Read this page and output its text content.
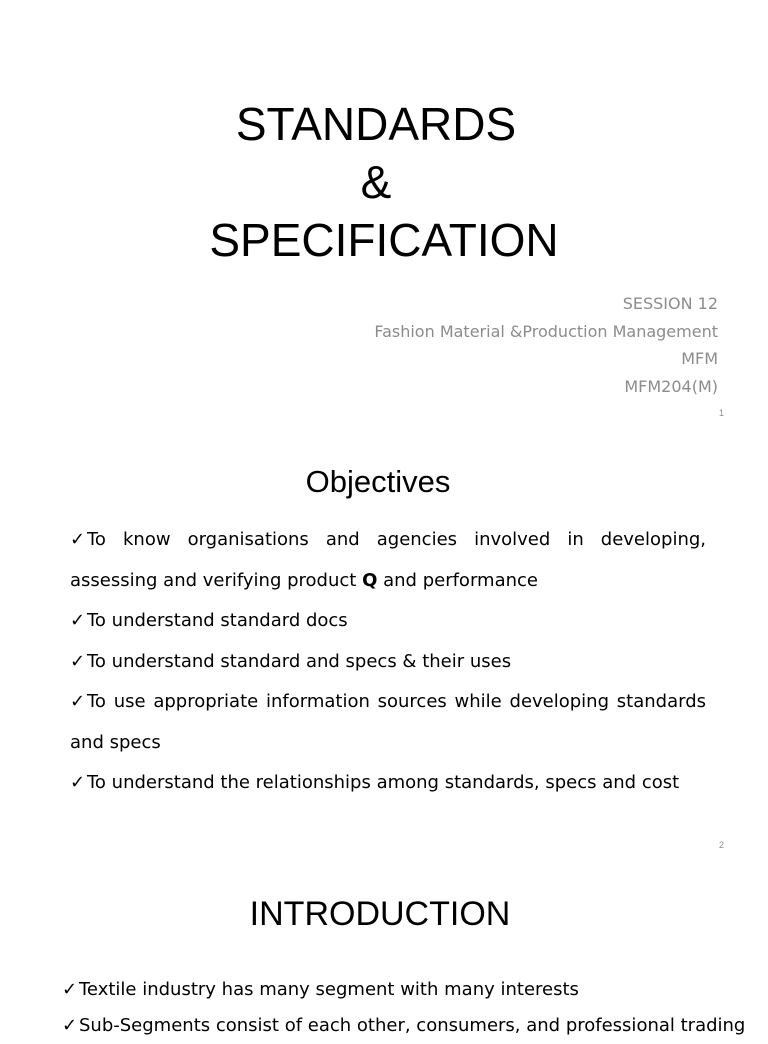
STANDARDS
&
SPECIFICATION
SESSION 12
Fashion Material &Production Management
MFM
MFM204(M)
1
Objectives

✓ To know organisations and agencies involved in developing, assessing and verifying product Q and performance

✓ To understand standard docs

✓ To understand standard and specs & their uses

✓ To use appropriate information sources while developing standards and specs

✓ To understand the relationships among standards, specs and cost

2
INTRODUCTION
✓ Textile industry has many segment with many interests
✓ Sub-Segments consist of each other, consumers, and professional trading
